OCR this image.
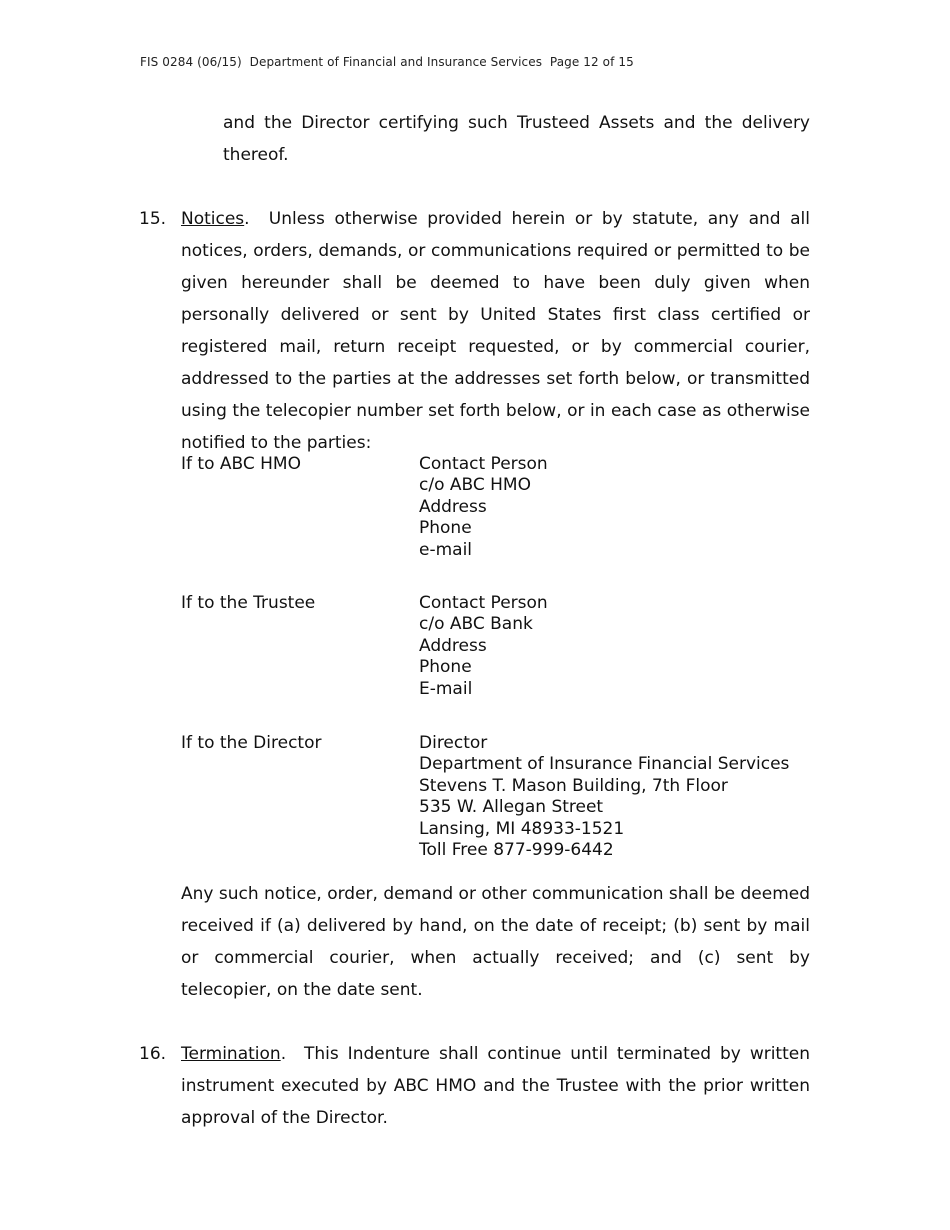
FIS 0284 (06/15) Department of Financial and Insurance Services Page 12 of 15
and the Director certifying such Trusteed Assets and the delivery thereof.
15. Notices. Unless otherwise provided herein or by statute, any and all notices, orders, demands, or communications required or permitted to be given hereunder shall be deemed to have been duly given when personally delivered or sent by United States first class certified or registered mail, return receipt requested, or by commercial courier, addressed to the parties at the addresses set forth below, or transmitted using the telecopier number set forth below, or in each case as otherwise notified to the parties:
If to ABC HMO	Contact Person
c/o ABC HMO
Address
Phone
e-mail
If to the Trustee	Contact Person
c/o ABC Bank
Address
Phone
E-mail
If to the Director	Director
Department of Insurance Financial Services
Stevens T. Mason Building, 7th Floor
535 W. Allegan Street
Lansing, MI 48933-1521
Toll Free 877-999-6442
Any such notice, order, demand or other communication shall be deemed received if (a) delivered by hand, on the date of receipt; (b) sent by mail or commercial courier, when actually received; and (c) sent by telecopier, on the date sent.
16. Termination. This Indenture shall continue until terminated by written instrument executed by ABC HMO and the Trustee with the prior written approval of the Director.
